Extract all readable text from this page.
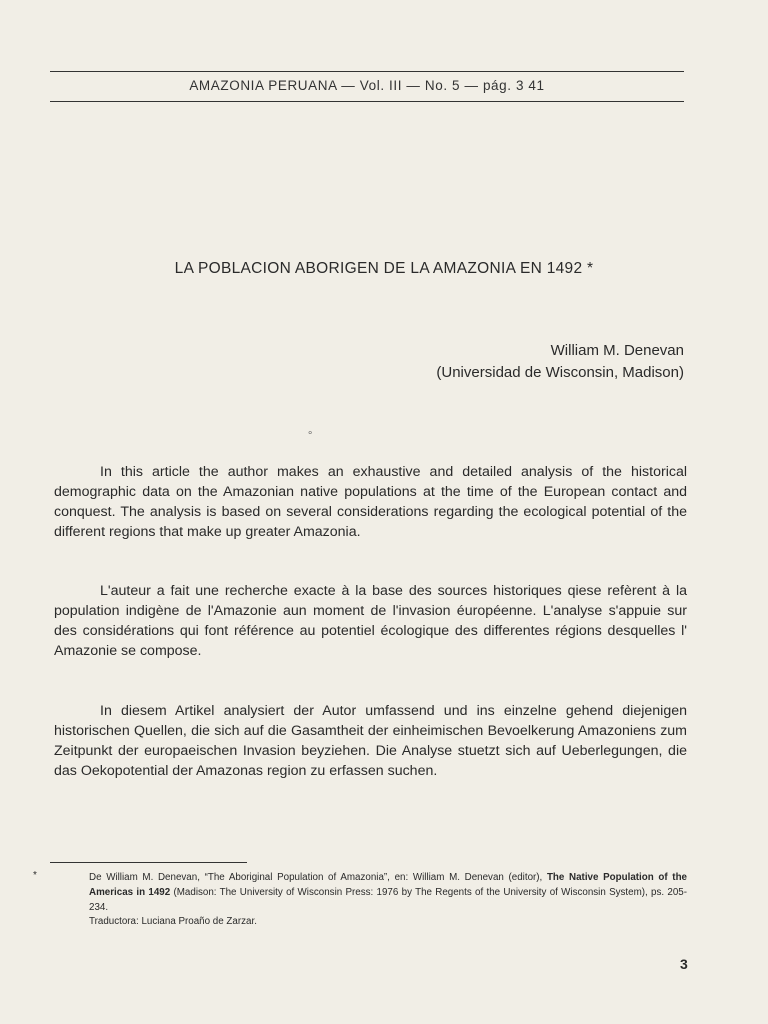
AMAZONIA PERUANA — Vol. III — No. 5 — pág. 3 41
LA POBLACION ABORIGEN DE LA AMAZONIA EN 1492 *
William M. Denevan
(Universidad de Wisconsin, Madison)
∘

In this article the author makes an exhaustive and detailed analysis of the historical demographic data on the Amazonian native populations at the time of the European contact and conquest. The analysis is based on several considerations regarding the ecological potential of the different regions that make up greater Amazonia.

L'auteur a fait une recherche exacte à la base des sources historiques qiese refèrent à la population indigène de l'Amazonie aun moment de l'invasion éuropéenne. L'analyse s'appuie sur des considérations qui font référence au potentiel écologique des differentes régions desquelles l' Amazonie se compose.

In diesem Artikel analysiert der Autor umfassend und ins einzelne gehend diejenigen historischen Quellen, die sich auf die Gasamtheit der einheimischen Bevoelkerung Amazoniens zum Zeitpunkt der europaeischen Invasion beyziehen. Die Analyse stuetzt sich auf Ueberlegungen, die das Oekopotential der Amazonas region zu erfassen suchen.

*	De William M. Denevan, “The Aboriginal Population of Amazonia”, en: William M. Denevan (editor), The Native Population of the Americas in 1492 (Madison: The University of Wisconsin Press: 1976 by The Regents of the University of Wisconsin System), ps. 205-234.
Traductora: Luciana Proaño de Zarzar.
3
